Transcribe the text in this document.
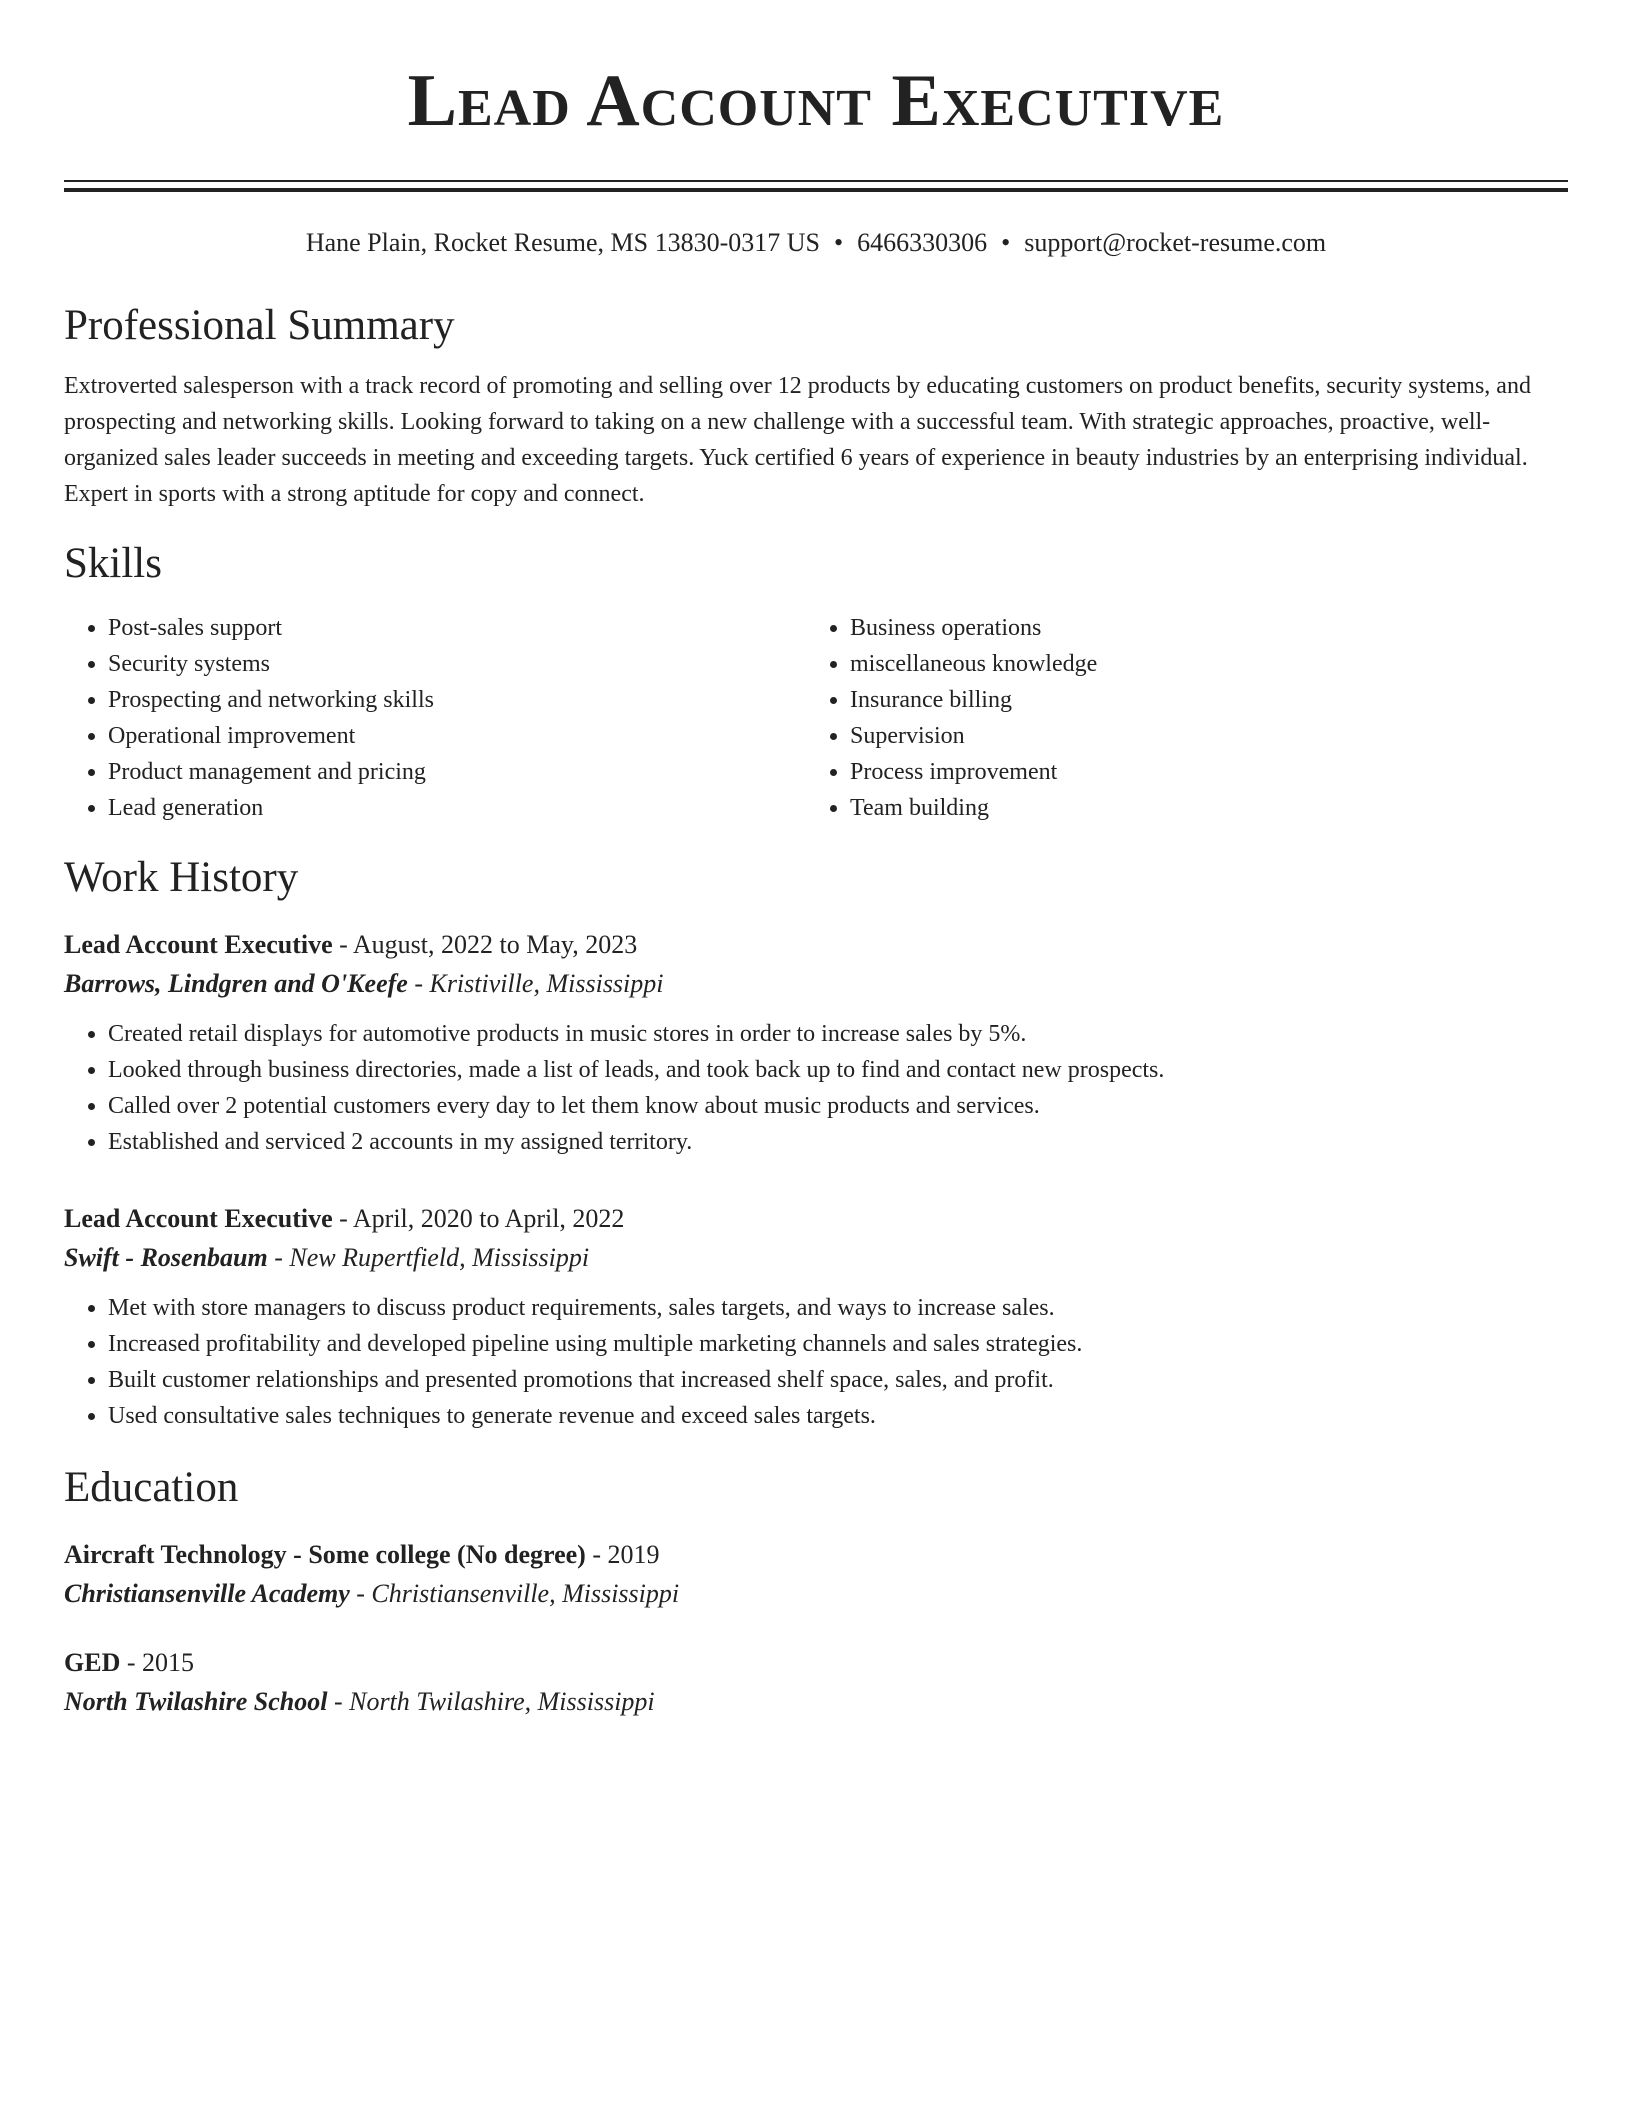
Lead Account Executive
Hane Plain, Rocket Resume, MS 13830-0317 US • 6466330306 • support@rocket-resume.com
Professional Summary
Extroverted salesperson with a track record of promoting and selling over 12 products by educating customers on product benefits, security systems, and prospecting and networking skills. Looking forward to taking on a new challenge with a successful team. With strategic approaches, proactive, well-organized sales leader succeeds in meeting and exceeding targets. Yuck certified 6 years of experience in beauty industries by an enterprising individual. Expert in sports with a strong aptitude for copy and connect.
Skills
• Post-sales support
• Security systems
• Prospecting and networking skills
• Operational improvement
• Product management and pricing
• Lead generation
• Business operations
• miscellaneous knowledge
• Insurance billing
• Supervision
• Process improvement
• Team building
Work History
Lead Account Executive - August, 2022 to May, 2023
Barrows, Lindgren and O'Keefe - Kristiville, Mississippi
• Created retail displays for automotive products in music stores in order to increase sales by 5%.
• Looked through business directories, made a list of leads, and took back up to find and contact new prospects.
• Called over 2 potential customers every day to let them know about music products and services.
• Established and serviced 2 accounts in my assigned territory.
Lead Account Executive - April, 2020 to April, 2022
Swift - Rosenbaum - New Rupertfield, Mississippi
• Met with store managers to discuss product requirements, sales targets, and ways to increase sales.
• Increased profitability and developed pipeline using multiple marketing channels and sales strategies.
• Built customer relationships and presented promotions that increased shelf space, sales, and profit.
• Used consultative sales techniques to generate revenue and exceed sales targets.
Education
Aircraft Technology - Some college (No degree) - 2019
Christiansenville Academy - Christiansenville, Mississippi
GED - 2015
North Twilashire School - North Twilashire, Mississippi
